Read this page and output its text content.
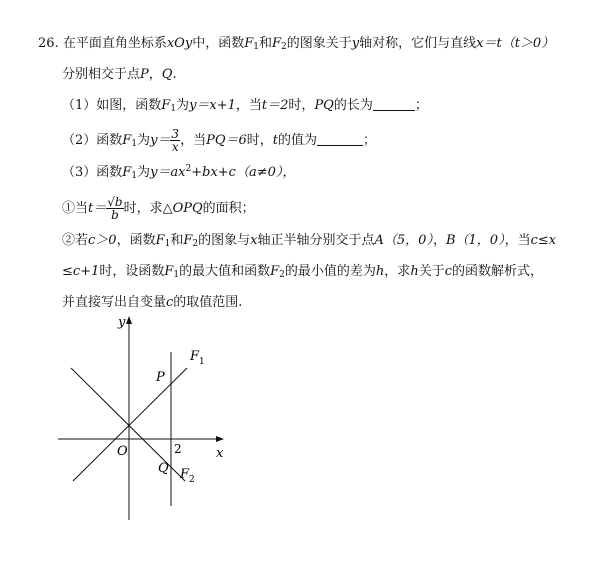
26. 在平面直角坐标系xOy中，函数$F_1$和$F_2$的图象关于y轴对称，它们与直线x＝t（t＞0）
分别相交于点P，Q.
（1）如图，函数$F_1$为y＝x+1，当t＝2时，PQ的长为	；
（2）函数$F_1$为$y= \frac{3}{x}$ ，当PQ＝6时，t的值为	；
（3）函数$F_1$为$y=ax^2+bx+c(a\ne 0)$，
①当$t= \frac{√b}{b}$ 时，求△OPQ的面积；
②若c＞0，函数$F_1$和$F_2$的图象与x轴正半轴分别交于点A（5，0），B（1，0），当c≤x
≤c+1时，设函数$F_1$的最大值和函数$F_2$的最小值的差为h，求h关于c的函数解析式，
并直接写出自变量c的取值范围.
y
x
O	2
P
Q
F 1
F 2
